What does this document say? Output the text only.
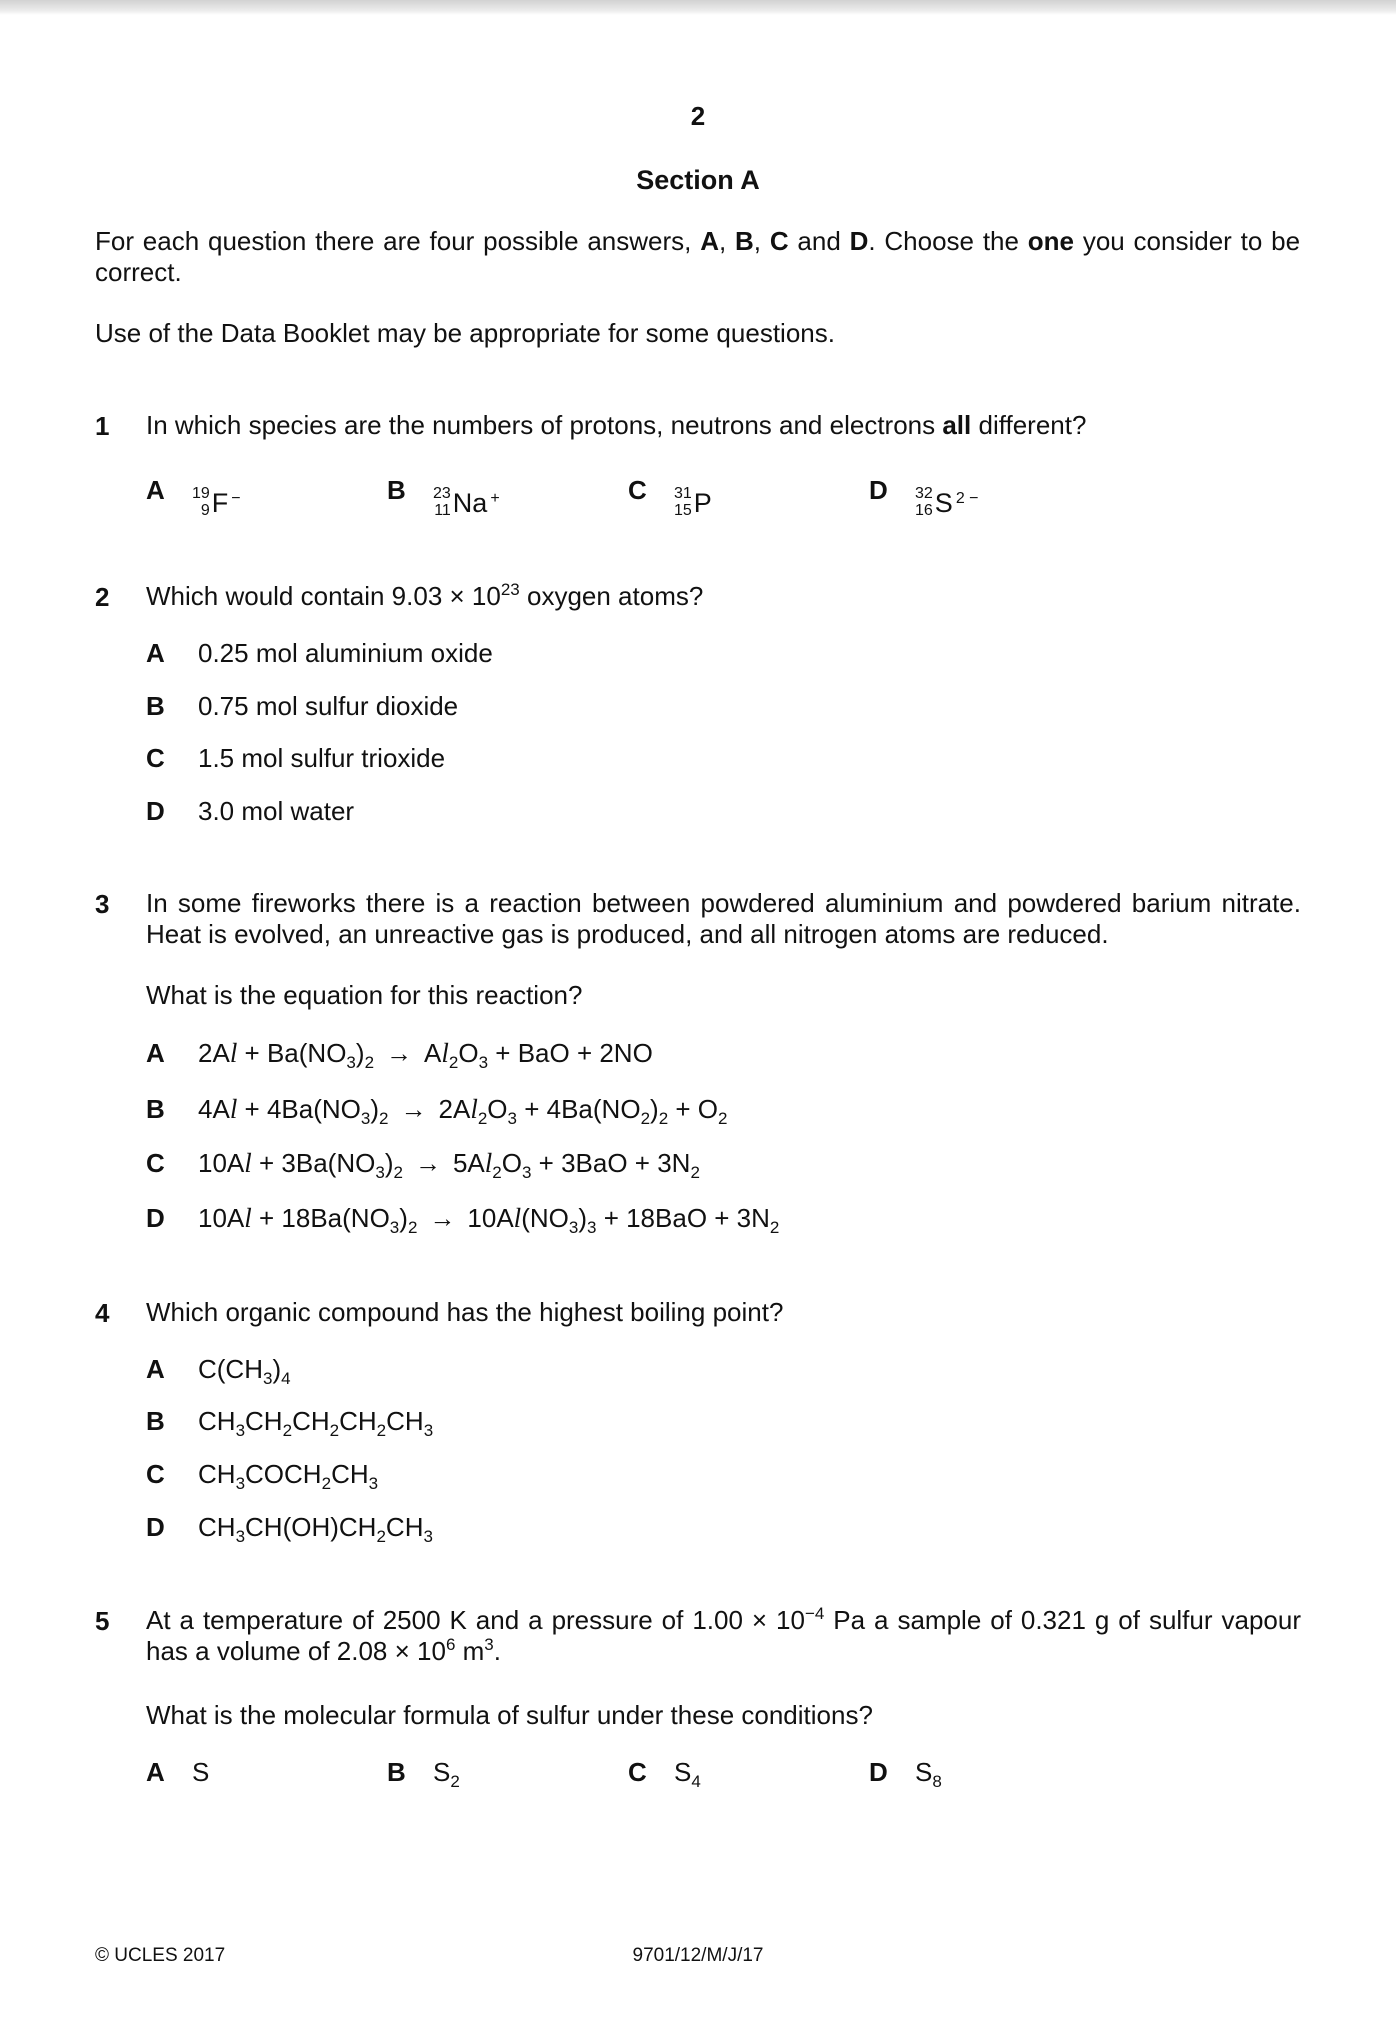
2
Section A
For each question there are four possible answers, A, B, C and D. Choose the one you consider to be correct.
Use of the Data Booklet may be appropriate for some questions.
1 In which species are the numbers of protons, neutrons and electrons all different?
A 19
9 F −	B 23
11 Na +	C 31
15 P	D 32
16 S 2 −
2 Which would contain $9.03 \times 10^{23}$ oxygen atoms?
A 0.25 mol aluminium oxide
B 0.75 mol sulfur dioxide
C 1.5 mol sulfur trioxide
D 3.0 mol water
3 In some fireworks there is a reaction between powdered aluminium and powdered barium nitrate. Heat is evolved, an unreactive gas is produced, and all nitrogen atoms are reduced.
What is the equation for this reaction?
A $2Al + Ba(NO_3)_2 \to Al_2O_3$ + BaO + 2NO
B $4Al + 4Ba(NO_3)_2 \to 2Al_2O_3 + 4Ba(NO_2)_2 + O_2$
C $10Al + 3Ba(NO_3)_2 \to 5Al_2O_3 + 3BaO + 3N_2$
D $10Al + 18Ba(NO_3)_2 \to 10Al(NO_3)_3 + 18BaO + 3N_2$
4 Which organic compound has the highest boiling point?
A $C(CH_3)_4$
B $CH_3CH_2CH_2CH_2CH_3$
C $CH_3COCH_2CH_3$
D $CH_3CH(OH)CH_2CH_3$
5 At a temperature of 2500 K and a pressure of $1.00 \times 10^{-4}$ Pa a sample of 0.321 g of sulfur vapour has a volume of $2.08 \times 10^6$ $m^3$.
What is the molecular formula of sulfur under these conditions?
A S	B $S_2$	C $S_4$	D $S_8$
© UCLES 2017	9701/12/M/J/17
